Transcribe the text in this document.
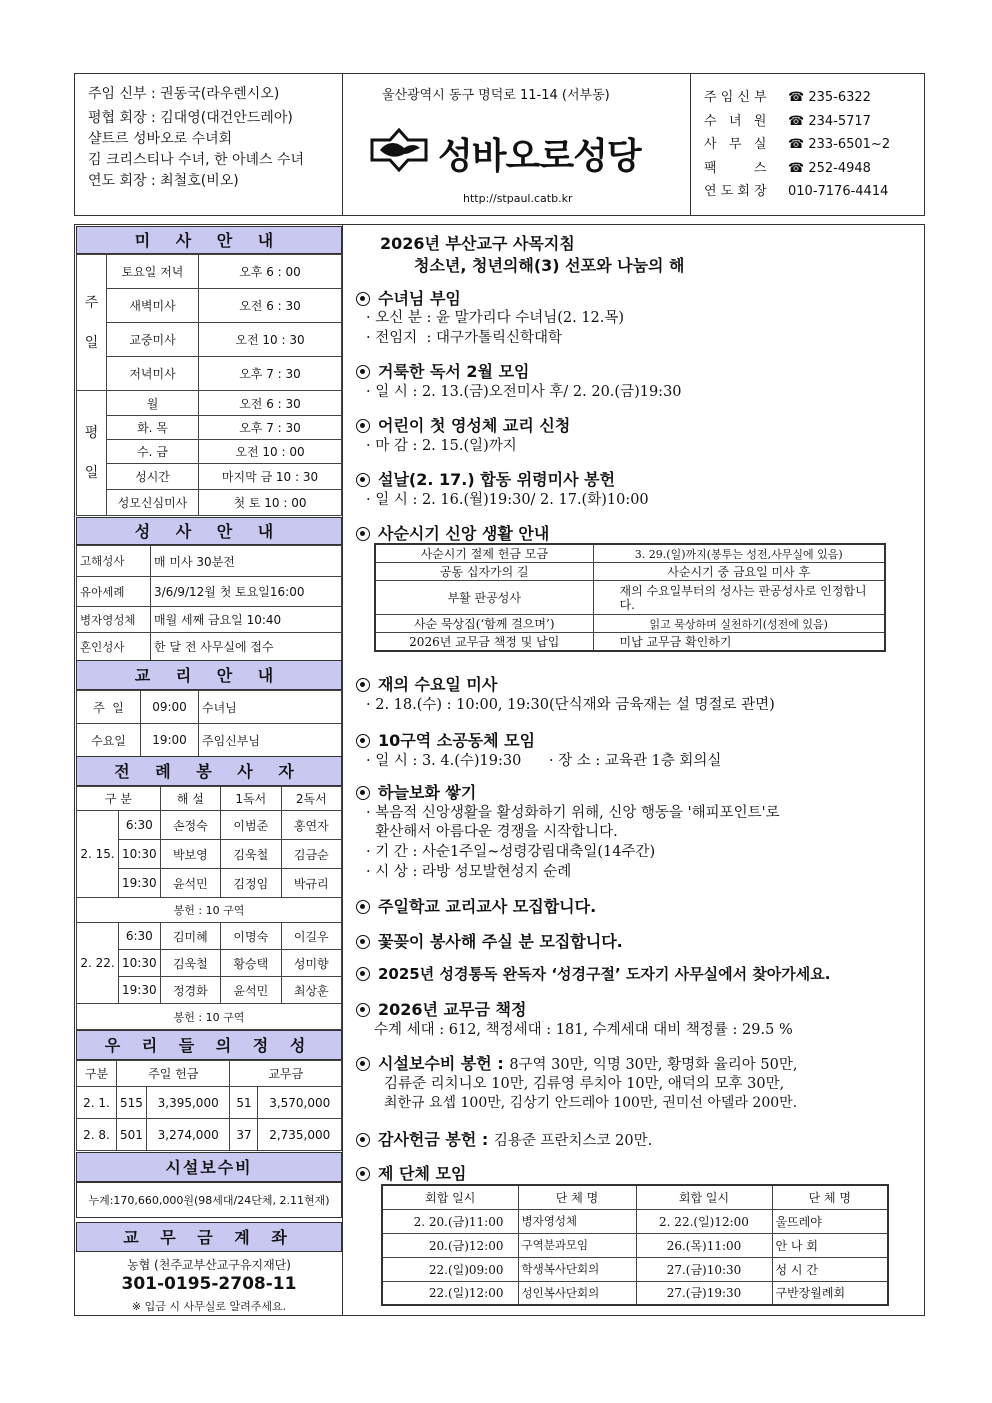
주임 신부 : 권동국(라우렌시오)
평협 회장 : 김대영(대건안드레아)
샬트르 성바오로 수녀회
김 크리스티나 수녀, 한 아녜스 수녀
연도 회장 : 최철호(비오)
울산광역시 동구 명덕로 11-14 (서부동)
성바오로성당
http://stpaul.catb.kr
주 임 신 부 ☎ 235-6322
수   녀   원 ☎ 234-5717
사   무   실 ☎ 233-6501~2
팩         스 ☎ 252-4948
연 도 회 장 010-7176-4414
미 사 안 내
주일	토요일 저녁	오후 6 : 00
	새벽미사	오전 6 : 30
	교중미사	오전 10 : 30
	저녁미사	오후 7 : 30

평일	월	오전 6 : 30
	화. 목	오후 7 : 30
	수. 금	오전 10 : 00
	성시간	마지막 금 10 : 30
	성모신심미사	첫 토 10 : 00
성 사 안 내
고해성사	매 미사 30분전
유아세례	3/6/9/12월 첫 토요일16:00
병자영성체	매월 세째 금요일 10:40
혼인성사	한 달 전 사무실에 접수
교 리 안 내
주  일	09:00	수녀님
수요일	19:00	주임신부님
전 례 봉 사 자
구 분		해 설	1독서	2독서
2. 15.	6:30	손정숙	이범준	홍연자
	10:30	박보영	김욱철	김금순
	19:30	윤석민	김정임	박규리
봉헌 : 10 구역				
2. 22.	6:30	김미혜	이명숙	이길우
	10:30	김욱철	황승택	성미향
	19:30	정경화	윤석민	최상훈
봉헌 : 10 구역				
우 리 들 의 정 성
구분	주일 헌금		교무금	
2. 1.	515	3,395,000	51	3,570,000
2. 8.	501	3,274,000	37	2,735,000
시설보수비
누계:170,660,000원(98세대/24단체, 2.11현재)
교 무 금 계 좌
농협 (천주교부산교구유지재단)
301-0195-2708-11
※ 입금 시 사무실로 알려주세요.
2026년 부산교구 사목지침
청소년, 청년의해(3) 선포와 나눔의 해
수녀님 부임
· 오신 분 : 윤 말가리다 수녀님(2. 12.목)
· 전임지  : 대구가톨릭신학대학
거룩한 독서 2월 모임
· 일 시 : 2. 13.(금)오전미사 후/ 2. 20.(금)19:30
어린이 첫 영성체 교리 신청
· 마 감 : 2. 15.(일)까지
설날(2. 17.) 합동 위령미사 봉헌
· 일 시 : 2. 16.(월)19:30/ 2. 17.(화)10:00
사순시기 신앙 생활 안내
사순시기 절제 헌금 모금	3. 29.(일)까지(봉투는 성전,사무실에 있음)
공동 십자가의 길	사순시기 중 금요일 미사 후
부활 판공성사	재의 수요일부터의 성사는 판공성사로 인정합니다.
사순 묵상집(‘함께 걸으며’)	읽고 묵상하며 실천하기(성전에 있음)
2026년 교무금 책정 및 납입	미납 교무금 확인하기
재의 수요일 미사
· 2. 18.(수) : 10:00, 19:30(단식재와 금육재는 설 명절로 관면)
10구역 소공동체 모임
· 일 시 : 3. 4.(수)19:30      · 장 소 : 교육관 1층 회의실
하늘보화 쌓기
· 복음적 신앙생활을 활성화하기 위해, 신앙 행동을 '해피포인트'로
환산해서 아름다운 경쟁을 시작합니다.
· 기 간 : 사순1주일~성령강림대축일(14주간)
· 시 상 : 라방 성모발현성지 순례
주일학교 교리교사 모집합니다.
꽃꽂이 봉사해 주실 분 모집합니다.
2025년 성경통독 완독자 ‘성경구절’ 도자기 사무실에서 찾아가세요.
2026년 교무금 책정
수계 세대 : 612, 책정세대 : 181, 수계세대 대비 책정률 : 29.5 %
시설보수비 봉헌 : 8구역 30만, 익명 30만, 황명화 율리아 50만,
김류준 리치니오 10만, 김류영 루치아 10만, 애덕의 모후 30만,
최한규 요셉 100만, 김상기 안드레아 100만, 권미선 아델라 200만.
감사헌금 봉헌 : 김용준 프란치스코 20만.
제 단체 모임
회합 일시	단 체 명	회합 일시	단 체 명
2. 20.(금)11:00	병자영성체	2. 22.(일)12:00	울뜨레야
20.(금)12:00	구역분과모임	26.(목)11:00	안 나 회
22.(일)09:00	학생복사단회의	27.(금)10:30	성 시 간
22.(일)12:00	성인복사단회의	27.(금)19:30	구반장월례회
